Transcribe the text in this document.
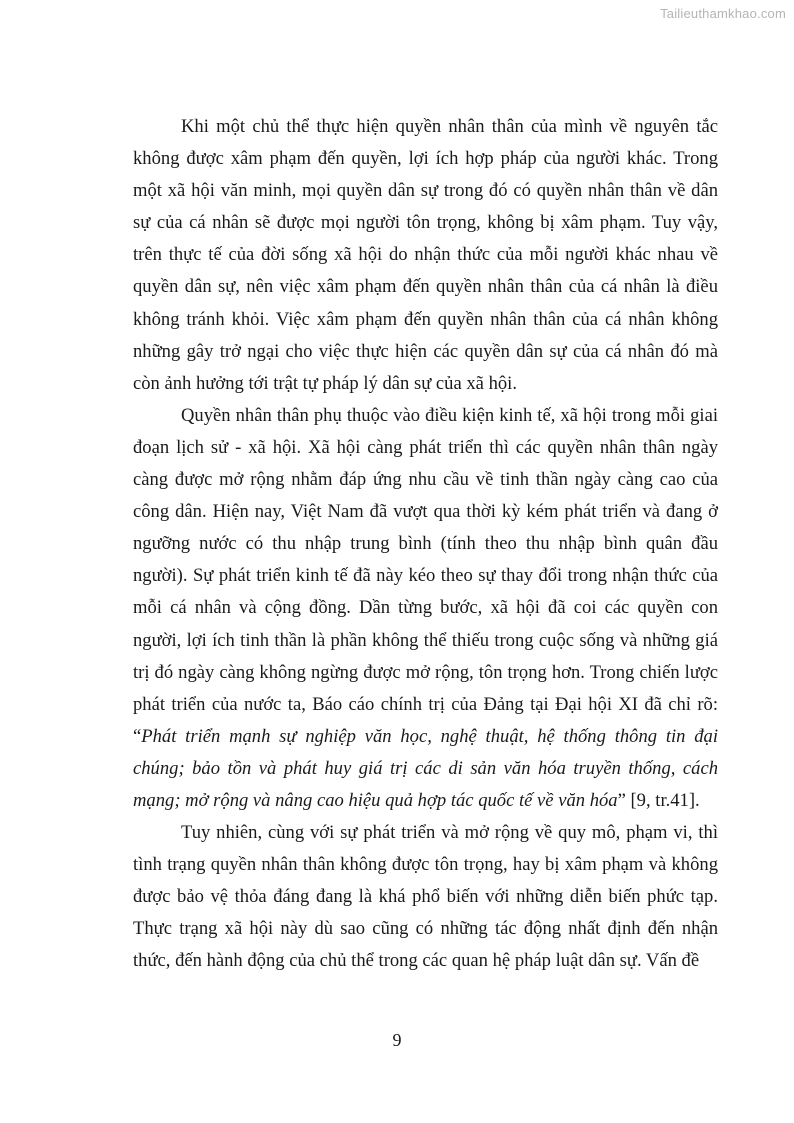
Tailieuthamkhao.com

Khi một chủ thể thực hiện quyền nhân thân của mình về nguyên tắc không được xâm phạm đến quyền, lợi ích hợp pháp của người khác. Trong một xã hội văn minh, mọi quyền dân sự trong đó có quyền nhân thân về dân sự của cá nhân sẽ được mọi người tôn trọng, không bị xâm phạm. Tuy vậy, trên thực tế của đời sống xã hội do nhận thức của mỗi người khác nhau về quyền dân sự, nên việc xâm phạm đến quyền nhân thân của cá nhân là điều không tránh khỏi. Việc xâm phạm đến quyền nhân thân của cá nhân không những gây trở ngại cho việc thực hiện các quyền dân sự của cá nhân đó mà còn ảnh hưởng tới trật tự pháp lý dân sự của xã hội.

Quyền nhân thân phụ thuộc vào điều kiện kinh tế, xã hội trong mỗi giai đoạn lịch sử - xã hội. Xã hội càng phát triển thì các quyền nhân thân ngày càng được mở rộng nhằm đáp ứng nhu cầu về tinh thần ngày càng cao của công dân. Hiện nay, Việt Nam đã vượt qua thời kỳ kém phát triển và đang ở ngưỡng nước có thu nhập trung bình (tính theo thu nhập bình quân đầu người). Sự phát triển kinh tế đã này kéo theo sự thay đổi trong nhận thức của mỗi cá nhân và cộng đồng. Dần từng bước, xã hội đã coi các quyền con người, lợi ích tinh thần là phần không thể thiếu trong cuộc sống và những giá trị đó ngày càng không ngừng được mở rộng, tôn trọng hơn. Trong chiến lược phát triển của nước ta, Báo cáo chính trị của Đảng tại Đại hội XI đã chỉ rõ: “Phát triển mạnh sự nghiệp văn học, nghệ thuật, hệ thống thông tin đại chúng; bảo tồn và phát huy giá trị các di sản văn hóa truyền thống, cách mạng; mở rộng và nâng cao hiệu quả hợp tác quốc tế về văn hóa” [9, tr.41].

Tuy nhiên, cùng với sự phát triển và mở rộng về quy mô, phạm vi, thì tình trạng quyền nhân thân không được tôn trọng, hay bị xâm phạm và không được bảo vệ thỏa đáng đang là khá phổ biến với những diễn biến phức tạp. Thực trạng xã hội này dù sao cũng có những tác động nhất định đến nhận thức, đến hành động của chủ thể trong các quan hệ pháp luật dân sự. Vấn đề

9
